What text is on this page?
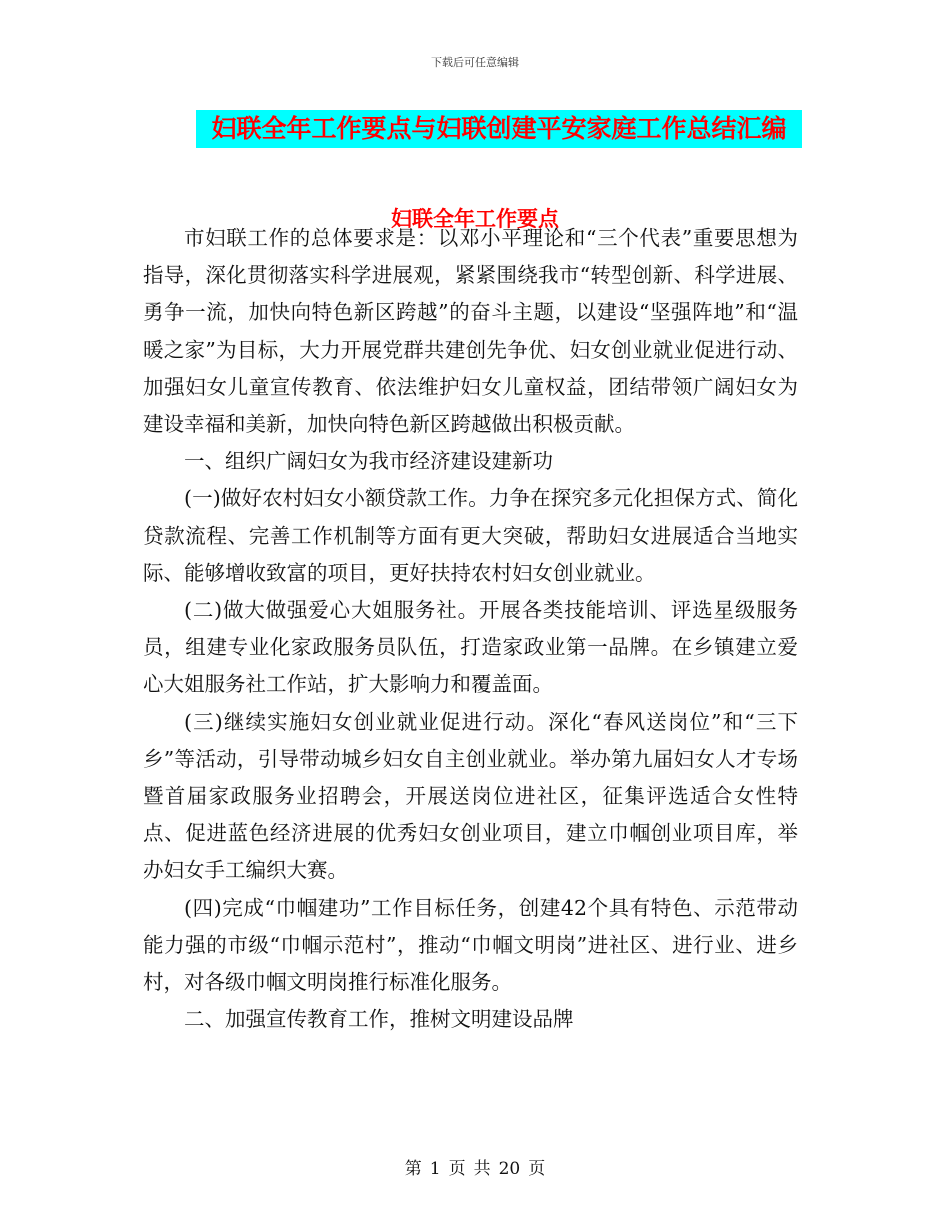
下载后可任意编辑
妇联全年工作要点与妇联创建平安家庭工作总结汇编
妇联全年工作要点

市妇联工作的总体要求是：以邓小平理论和“三个代表”重要思想为指导，深化贯彻落实科学进展观，紧紧围绕我市“转型创新、科学进展、勇争一流，加快向特色新区跨越”的奋斗主题，以建设“坚强阵地”和“温暖之家”为目标，大力开展党群共建创先争优、妇女创业就业促进行动、加强妇女儿童宣传教育、依法维护妇女儿童权益，团结带领广阔妇女为建设幸福和美新，加快向特色新区跨越做出积极贡献。

一、组织广阔妇女为我市经济建设建新功

(一)做好农村妇女小额贷款工作。力争在探究多元化担保方式、简化贷款流程、完善工作机制等方面有更大突破，帮助妇女进展适合当地实际、能够增收致富的项目，更好扶持农村妇女创业就业。

(二)做大做强爱心大姐服务社。开展各类技能培训、评选星级服务员，组建专业化家政服务员队伍，打造家政业第一品牌。在乡镇建立爱心大姐服务社工作站，扩大影响力和覆盖面。

(三)继续实施妇女创业就业促进行动。深化“春风送岗位”和“三下乡”等活动，引导带动城乡妇女自主创业就业。举办第九届妇女人才专场暨首届家政服务业招聘会，开展送岗位进社区，征集评选适合女性特点、促进蓝色经济进展的优秀妇女创业项目，建立巾帼创业项目库，举办妇女手工编织大赛。

(四)完成“巾帼建功”工作目标任务，创建42个具有特色、示范带动能力强的市级“巾帼示范村”，推动“巾帼文明岗”进社区、进行业、进乡村，对各级巾帼文明岗推行标准化服务。

二、加强宣传教育工作，推树文明建设品牌

第 1 页 共 20 页
